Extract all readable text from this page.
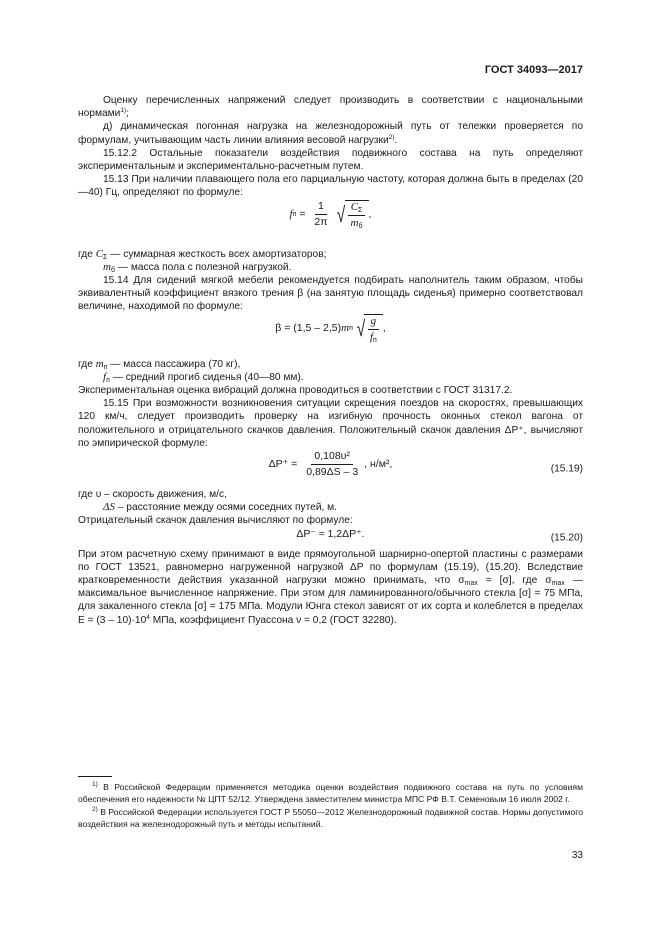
ГОСТ 34093—2017

Оценку перечисленных напряжений следует производить в соответствии с национальными нормами$^{1)}$;

д) динамическая погонная нагрузка на железнодорожный путь от тележки проверяется по формулам, учитывающим часть линии влияния весовой нагрузки$^{2)}$.

15.12.2 Остальные показатели воздействия подвижного состава на путь определяют экспериментальным и экспериментально-расчетным путем.

15.13 При наличии плавающего пола его парциальную частоту, которая должна быть в пределах (20—40) Гц, определяют по формуле:

f $п = \frac{1}{2\pi}$ √ $\frac{C_\Sigma}{m_б}$ ,

где $C_\Sigma$ — суммарная жесткость всех амортизаторов;

$m_б$ — масса пола с полезной нагрузкой.

15.14 Для сидений мягкой мебели рекомендуется подбирать наполнитель таким образом, чтобы эквивалентный коэффициент вязкого трения β (на занятую площадь сиденья) примерно соответствовал величине, находимой по формуле:

β = (1,5 – 2,5) m п √ $\frac{g}{f_п}$ ,

где $m_п$ — масса пассажира (70 кг),

$f_п$ — средний прогиб сиденья (40—80 мм).

Экспериментальная оценка вибраций должна проводиться в соответствии с ГОСТ 31317.2.

15.15 При возможности возникновения ситуации скрещения поездов на скоростях, превышающих 120 км/ч, следует производить проверку на изгибную прочность оконных стекол вагона от положительного и отрицательного скачков давления. Положительный скачок давления ΔP⁺, вычисляют по эмпирической формуле:

$\Delta P^+ = \frac{\text{0,108υ²}}{0,89\Delta S - 3}$ , н/м²,	(15.19)

где υ – скорость движения, м/с,

ΔS – расстояние между осями соседних путей, м.

Отрицательный скачок давления вычисляют по формуле:

ΔP⁻ ≈ 1,2ΔP⁺.	(15.20)

При этом расчетную схему принимают в виде прямоугольной шарнирно-опертой пластины с размерами по ГОСТ 13521, равномерно нагруженной нагрузкой ΔP по формулам (15.19), (15.20). Вследствие кратковременности действия указанной нагрузки можно принимать, что $\sigma_{max} = [\sigma]$, где $\sigma_{max}$ — максимальное вычисленное напряжение. При этом для ламинированного/обычного стекла [σ] = 75 МПа, для закаленного стекла [σ] = 175 МПа. Модули Юнга стекол зависят от их сорта и колеблется в пределах $E = (3 - 10)\cdot 10^4$ МПа, коэффициент Пуассона ν = 0,2 (ГОСТ 32280).

$^{1)}$ В Российской Федерации применяется методика оценки воздействия подвижного состава на путь по условиям обеспечения его надежности № ЦПТ 52/12. Утверждена заместителем министра МПС РФ В.Т. Семеновым 16 июля 2002 г.

$^{2)}$ В Российской Федерации используется ГОСТ Р 55050—2012 Железнодорожный подвижной состав. Нормы допустимого воздействия на железнодорожный путь и методы испытаний.

33
